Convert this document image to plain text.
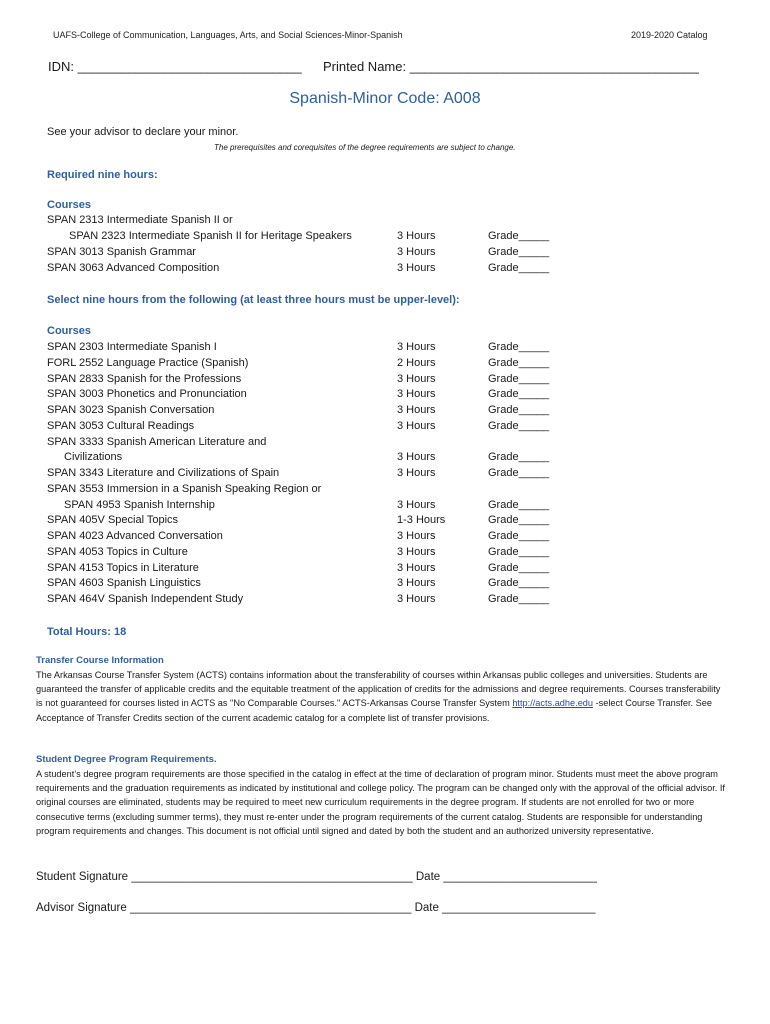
UAFS-College of Communication, Languages, Arts, and Social Sciences-Minor-Spanish	2019-2020 Catalog
IDN: _______________________________ Printed Name: ________________________________________
Spanish-Minor Code: A008
See your advisor to declare your minor.
The prerequisites and corequisites of the degree requirements are subject to change.
Required nine hours:
Courses
SPAN 2313 Intermediate Spanish II or
SPAN 2323 Intermediate Spanish II for Heritage Speakers	3 Hours	Grade_____
SPAN 3013 Spanish Grammar	3 Hours	Grade_____
SPAN 3063 Advanced Composition	3 Hours	Grade_____
Select nine hours from the following (at least three hours must be upper-level):
Courses
SPAN 2303 Intermediate Spanish I	3 Hours	Grade_____
FORL 2552 Language Practice (Spanish)	2 Hours	Grade_____
SPAN 2833 Spanish for the Professions	3 Hours	Grade_____
SPAN 3003 Phonetics and Pronunciation	3 Hours	Grade_____
SPAN 3023 Spanish Conversation	3 Hours	Grade_____
SPAN 3053 Cultural Readings	3 Hours	Grade_____
SPAN 3333 Spanish American Literature and
Civilizations	3 Hours	Grade_____
SPAN 3343 Literature and Civilizations of Spain	3 Hours	Grade_____
SPAN 3553 Immersion in a Spanish Speaking Region or
SPAN 4953 Spanish Internship	3 Hours	Grade_____
SPAN 405V Special Topics	1-3 Hours	Grade_____
SPAN 4023 Advanced Conversation	3 Hours	Grade_____
SPAN 4053 Topics in Culture	3 Hours	Grade_____
SPAN 4153 Topics in Literature	3 Hours	Grade_____
SPAN 4603 Spanish Linguistics	3 Hours	Grade_____
SPAN 464V Spanish Independent Study	3 Hours	Grade_____
Total Hours: 18
Transfer Course Information
The Arkansas Course Transfer System (ACTS) contains information about the transferability of courses within Arkansas public colleges and universities. Students are guaranteed the transfer of applicable credits and the equitable treatment of the application of credits for the admissions and degree requirements. Courses transferability is not guaranteed for courses listed in ACTS as "No Comparable Courses." ACTS-Arkansas Course Transfer System http://acts.adhe.edu -select Course Transfer. See Acceptance of Transfer Credits section of the current academic catalog for a complete list of transfer provisions.
Student Degree Program Requirements.
A student’s degree program requirements are those specified in the catalog in effect at the time of declaration of program minor. Students must meet the above program requirements and the graduation requirements as indicated by institutional and college policy. The program can be changed only with the approval of the official advisor. If original courses are eliminated, students may be required to meet new curriculum requirements in the degree program. If students are not enrolled for two or more consecutive terms (excluding summer terms), they must re-enter under the program requirements of the current catalog. Students are responsible for understanding program requirements and changes. This document is not official until signed and dated by both the student and an authorized university representative.
Student Signature ____________________________________________ Date ________________________
Advisor Signature ____________________________________________ Date ________________________
